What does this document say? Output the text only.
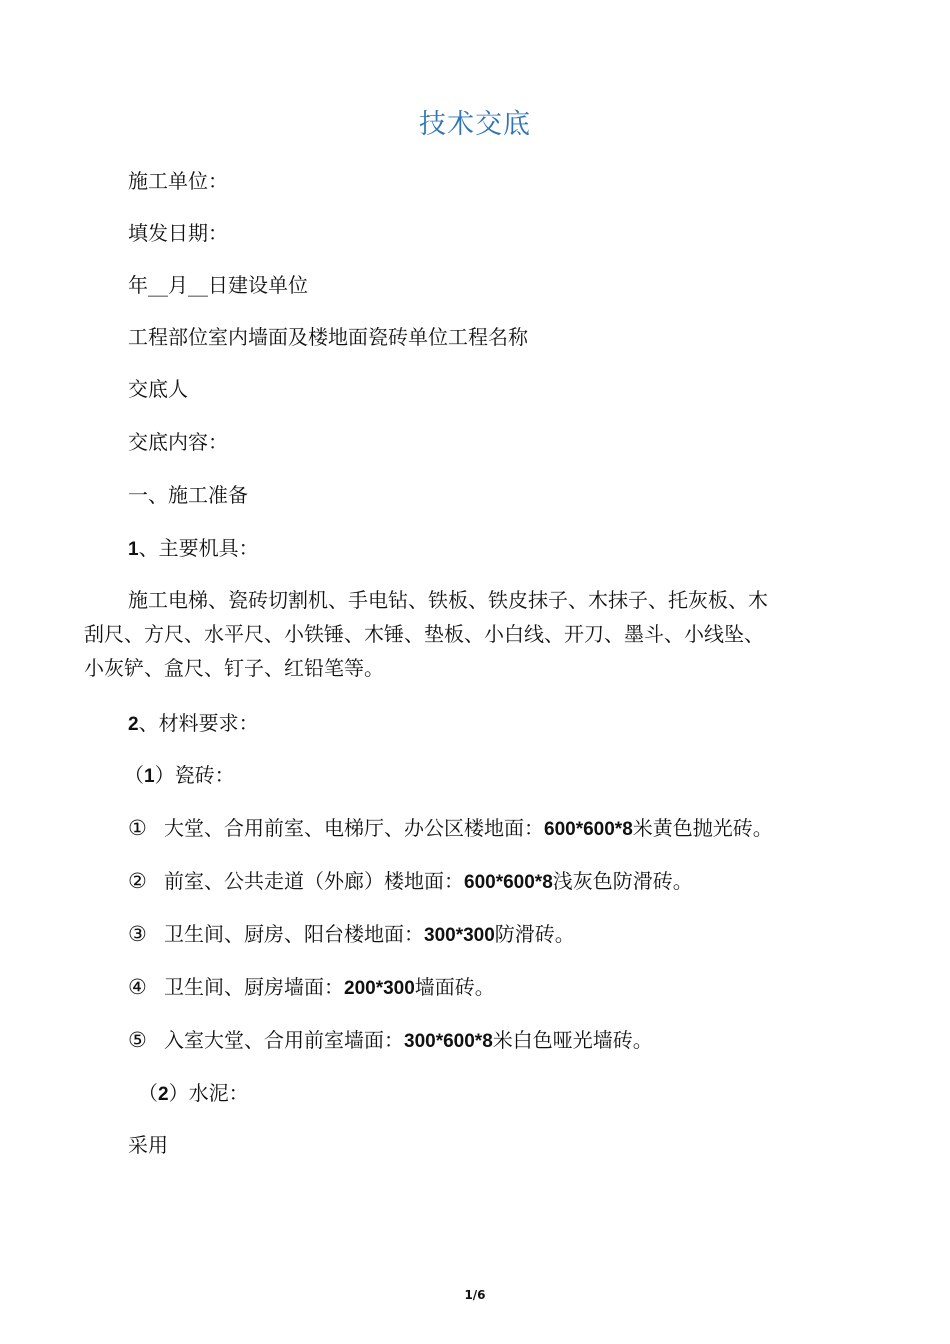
技术交底
施工单位：
填发日期：
年__月__日建设单位
工程部位室内墙面及楼地面瓷砖单位工程名称
交底人
交底内容：
一、施工准备
1、主要机具：
施工电梯、瓷砖切割机、手电钻、铁板、铁皮抹子、木抹子、托灰板、木
刮尺、方尺、水平尺、小铁锤、木锤、垫板、小白线、开刀、墨斗、小线坠、
小灰铲、盒尺、钉子、红铅笔等。
2、材料要求：
（1）瓷砖：
① 大堂、合用前室、电梯厅、办公区楼地面：600*600*8米黄色抛光砖。
② 前室、公共走道（外廊）楼地面：600*600*8浅灰色防滑砖。
③ 卫生间、厨房、阳台楼地面：300*300防滑砖。
④ 卫生间、厨房墙面：200*300墙面砖。
⑤ 入室大堂、合用前室墙面：300*600*8米白色哑光墙砖。
（2）水泥：
采用
1/6
